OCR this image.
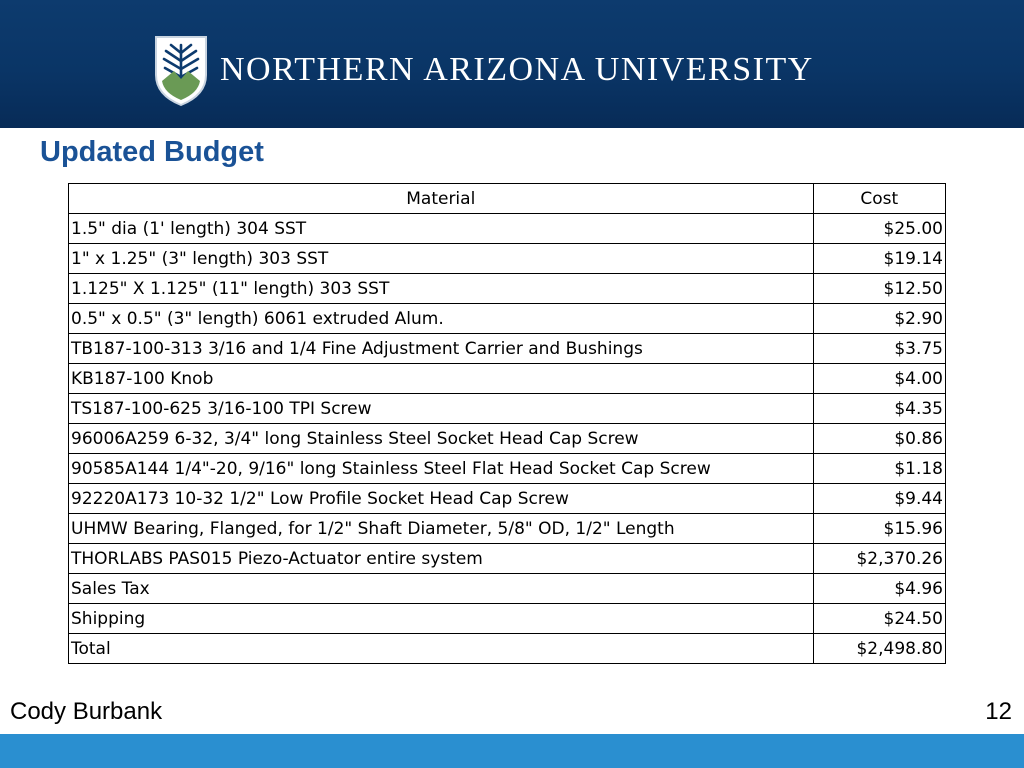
NORTHERN ARIZONA UNIVERSITY
Updated Budget
Material	Cost
1.5" dia (1' length) 304 SST	$25.00
1" x 1.25" (3" length) 303 SST	$19.14
1.125" X 1.125" (11" length) 303 SST	$12.50
0.5" x 0.5" (3" length) 6061 extruded Alum.	$2.90
TB187-100-313 3/16 and 1/4 Fine Adjustment Carrier and Bushings	$3.75
KB187-100 Knob	$4.00
TS187-100-625 3/16-100 TPI Screw	$4.35
96006A259 6-32, 3/4" long Stainless Steel Socket Head Cap Screw	$0.86
90585A144 1/4"-20, 9/16" long Stainless Steel Flat Head Socket Cap Screw	$1.18
92220A173 10-32 1/2" Low Profile Socket Head Cap Screw	$9.44
UHMW Bearing, Flanged, for 1/2" Shaft Diameter, 5/8" OD, 1/2" Length	$15.96
THORLABS PAS015 Piezo-Actuator entire system	$2,370.26
Sales Tax	$4.96
Shipping	$24.50
Total	$2,498.80
Cody Burbank	12
